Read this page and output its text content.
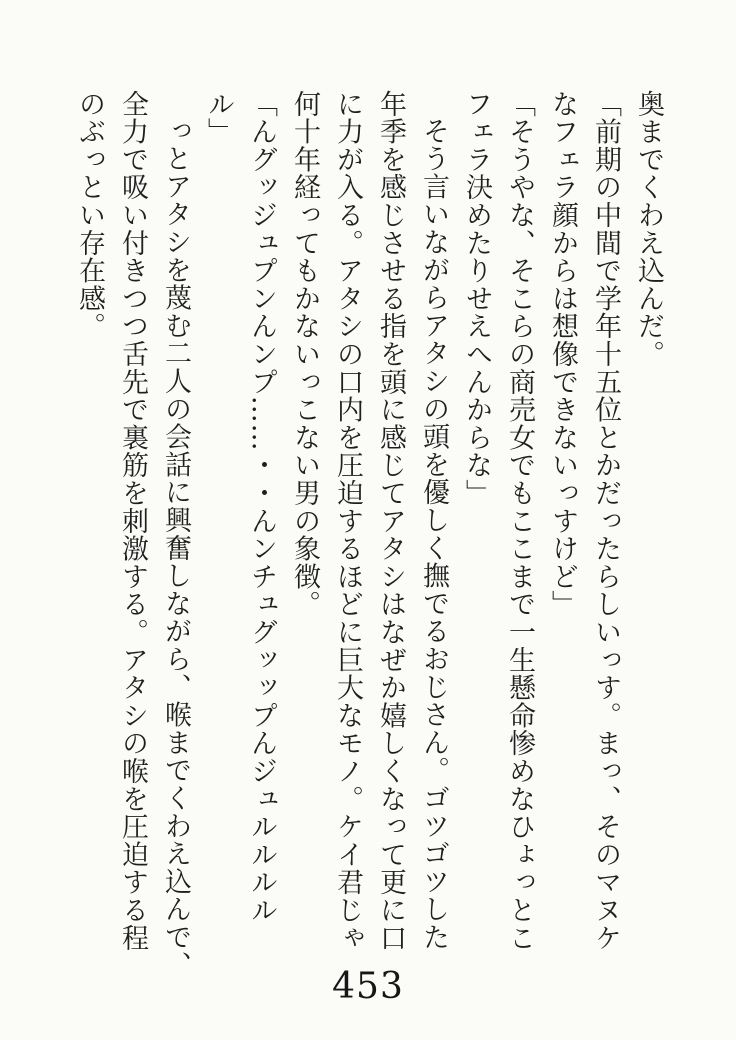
奥までくわえ込んだ。

「前期の中間で学年十五位とかだったらしいっす。まっ、そのマヌケ

なフェラ顔からは想像できないっすけど」

「そうやな、そこらの商売女でもここまで一生懸命惨めなひょっとこ

フェラ決めたりせえへんからな」

そう言いながらアタシの頭を優しく撫でるおじさん。ゴツゴツした

年季を感じさせる指を頭に感じてアタシはなぜか嬉しくなって更に口

に力が入る。アタシの口内を圧迫するほどに巨大なモノ。ケイ君じゃ

何十年経ってもかないっこない男の象徴。

「んグッジュプンんンプ……・・んンチュグッップんジュルルルル

ル」

っとアタシを蔑む二人の会話に興奮しながら、喉までくわえ込んで、

全力で吸い付きつつ舌先で裏筋を刺激する。アタシの喉を圧迫する程

のぶっとい存在感。

453
